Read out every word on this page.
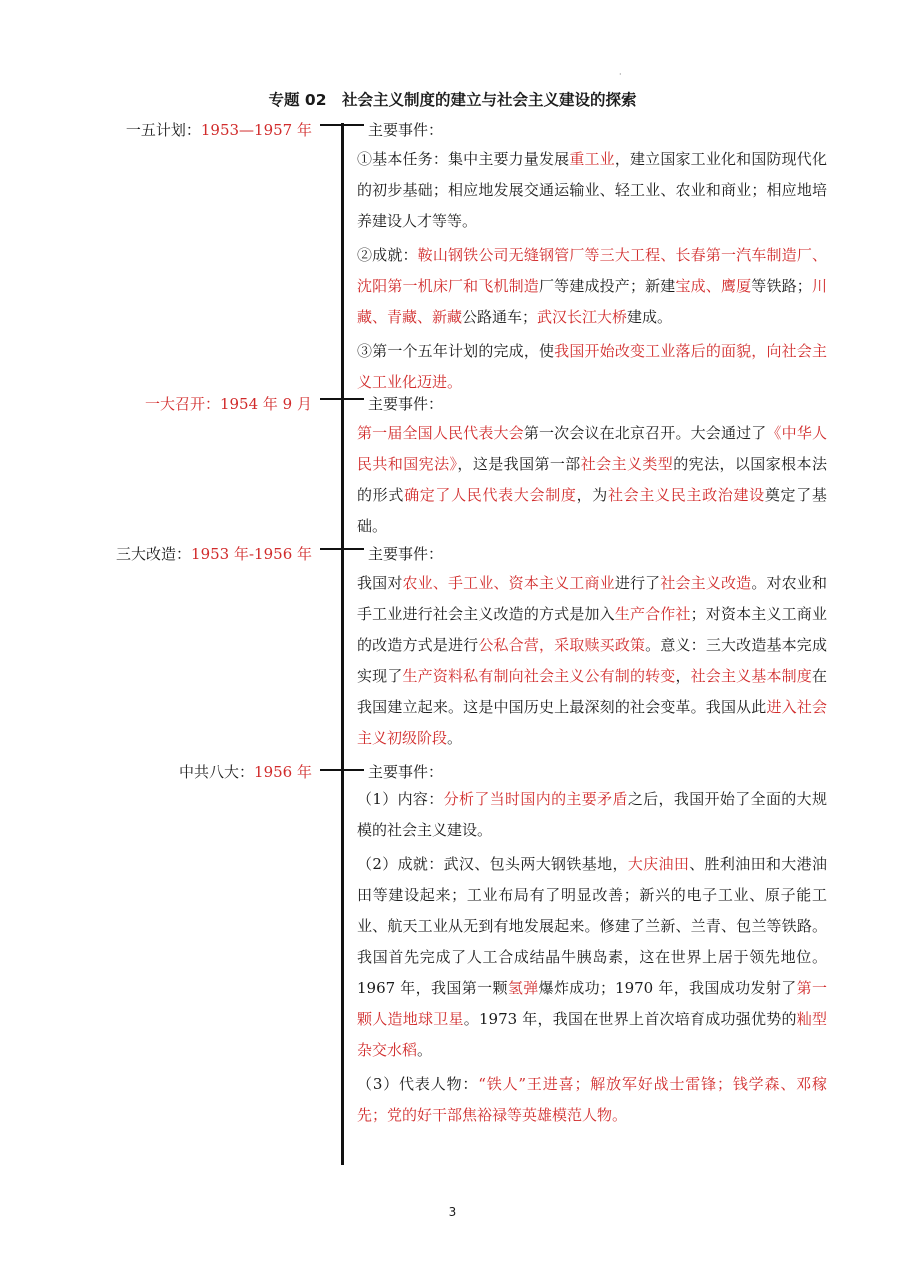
·
专题 02　社会主义制度的建立与社会主义建设的探索
一五计划：1953—1957 年	主要事件：

①基本任务：集中主要力量发展重工业，建立国家工业化和国防现代化的初步基础；相应地发展交通运输业、轻工业、农业和商业；相应地培养建设人才等等。

②成就：鞍山钢铁公司无缝钢管厂等三大工程、长春第一汽车制造厂、沈阳第一机床厂和飞机制造厂等建成投产；新建宝成、鹰厦等铁路；川藏、青藏、新藏公路通车；武汉长江大桥建成。

③第一个五年计划的完成，使我国开始改变工业落后的面貌，向社会主义工业化迈进。

一大召开：1954 年 9 月	主要事件：

第一届全国人民代表大会第一次会议在北京召开。大会通过了《中华人民共和国宪法》，这是我国第一部社会主义类型的宪法，以国家根本法的形式确定了人民代表大会制度，为社会主义民主政治建设奠定了基础。

三大改造：1953 年-1956 年	主要事件：

我国对农业、手工业、资本主义工商业进行了社会主义改造。对农业和手工业进行社会主义改造的方式是加入生产合作社；对资本主义工商业的改造方式是进行公私合营，采取赎买政策。意义：三大改造基本完成实现了生产资料私有制向社会主义公有制的转变，社会主义基本制度在我国建立起来。这是中国历史上最深刻的社会变革。我国从此进入社会主义初级阶段。

中共八大：1956 年	主要事件：

（1）内容：分析了当时国内的主要矛盾之后，我国开始了全面的大规模的社会主义建设。

（2）成就：武汉、包头两大钢铁基地，大庆油田、胜利油田和大港油田等建设起来；工业布局有了明显改善；新兴的电子工业、原子能工业、航天工业从无到有地发展起来。修建了兰新、兰青、包兰等铁路。我国首先完成了人工合成结晶牛胰岛素，这在世界上居于领先地位。1967 年，我国第一颗氢弹爆炸成功；1970 年，我国成功发射了第一颗人造地球卫星。1973 年，我国在世界上首次培育成功强优势的籼型杂交水稻。

（3）代表人物：“铁人”王进喜；解放军好战士雷锋；钱学森、邓稼先；党的好干部焦裕禄等英雄模范人物。

3
